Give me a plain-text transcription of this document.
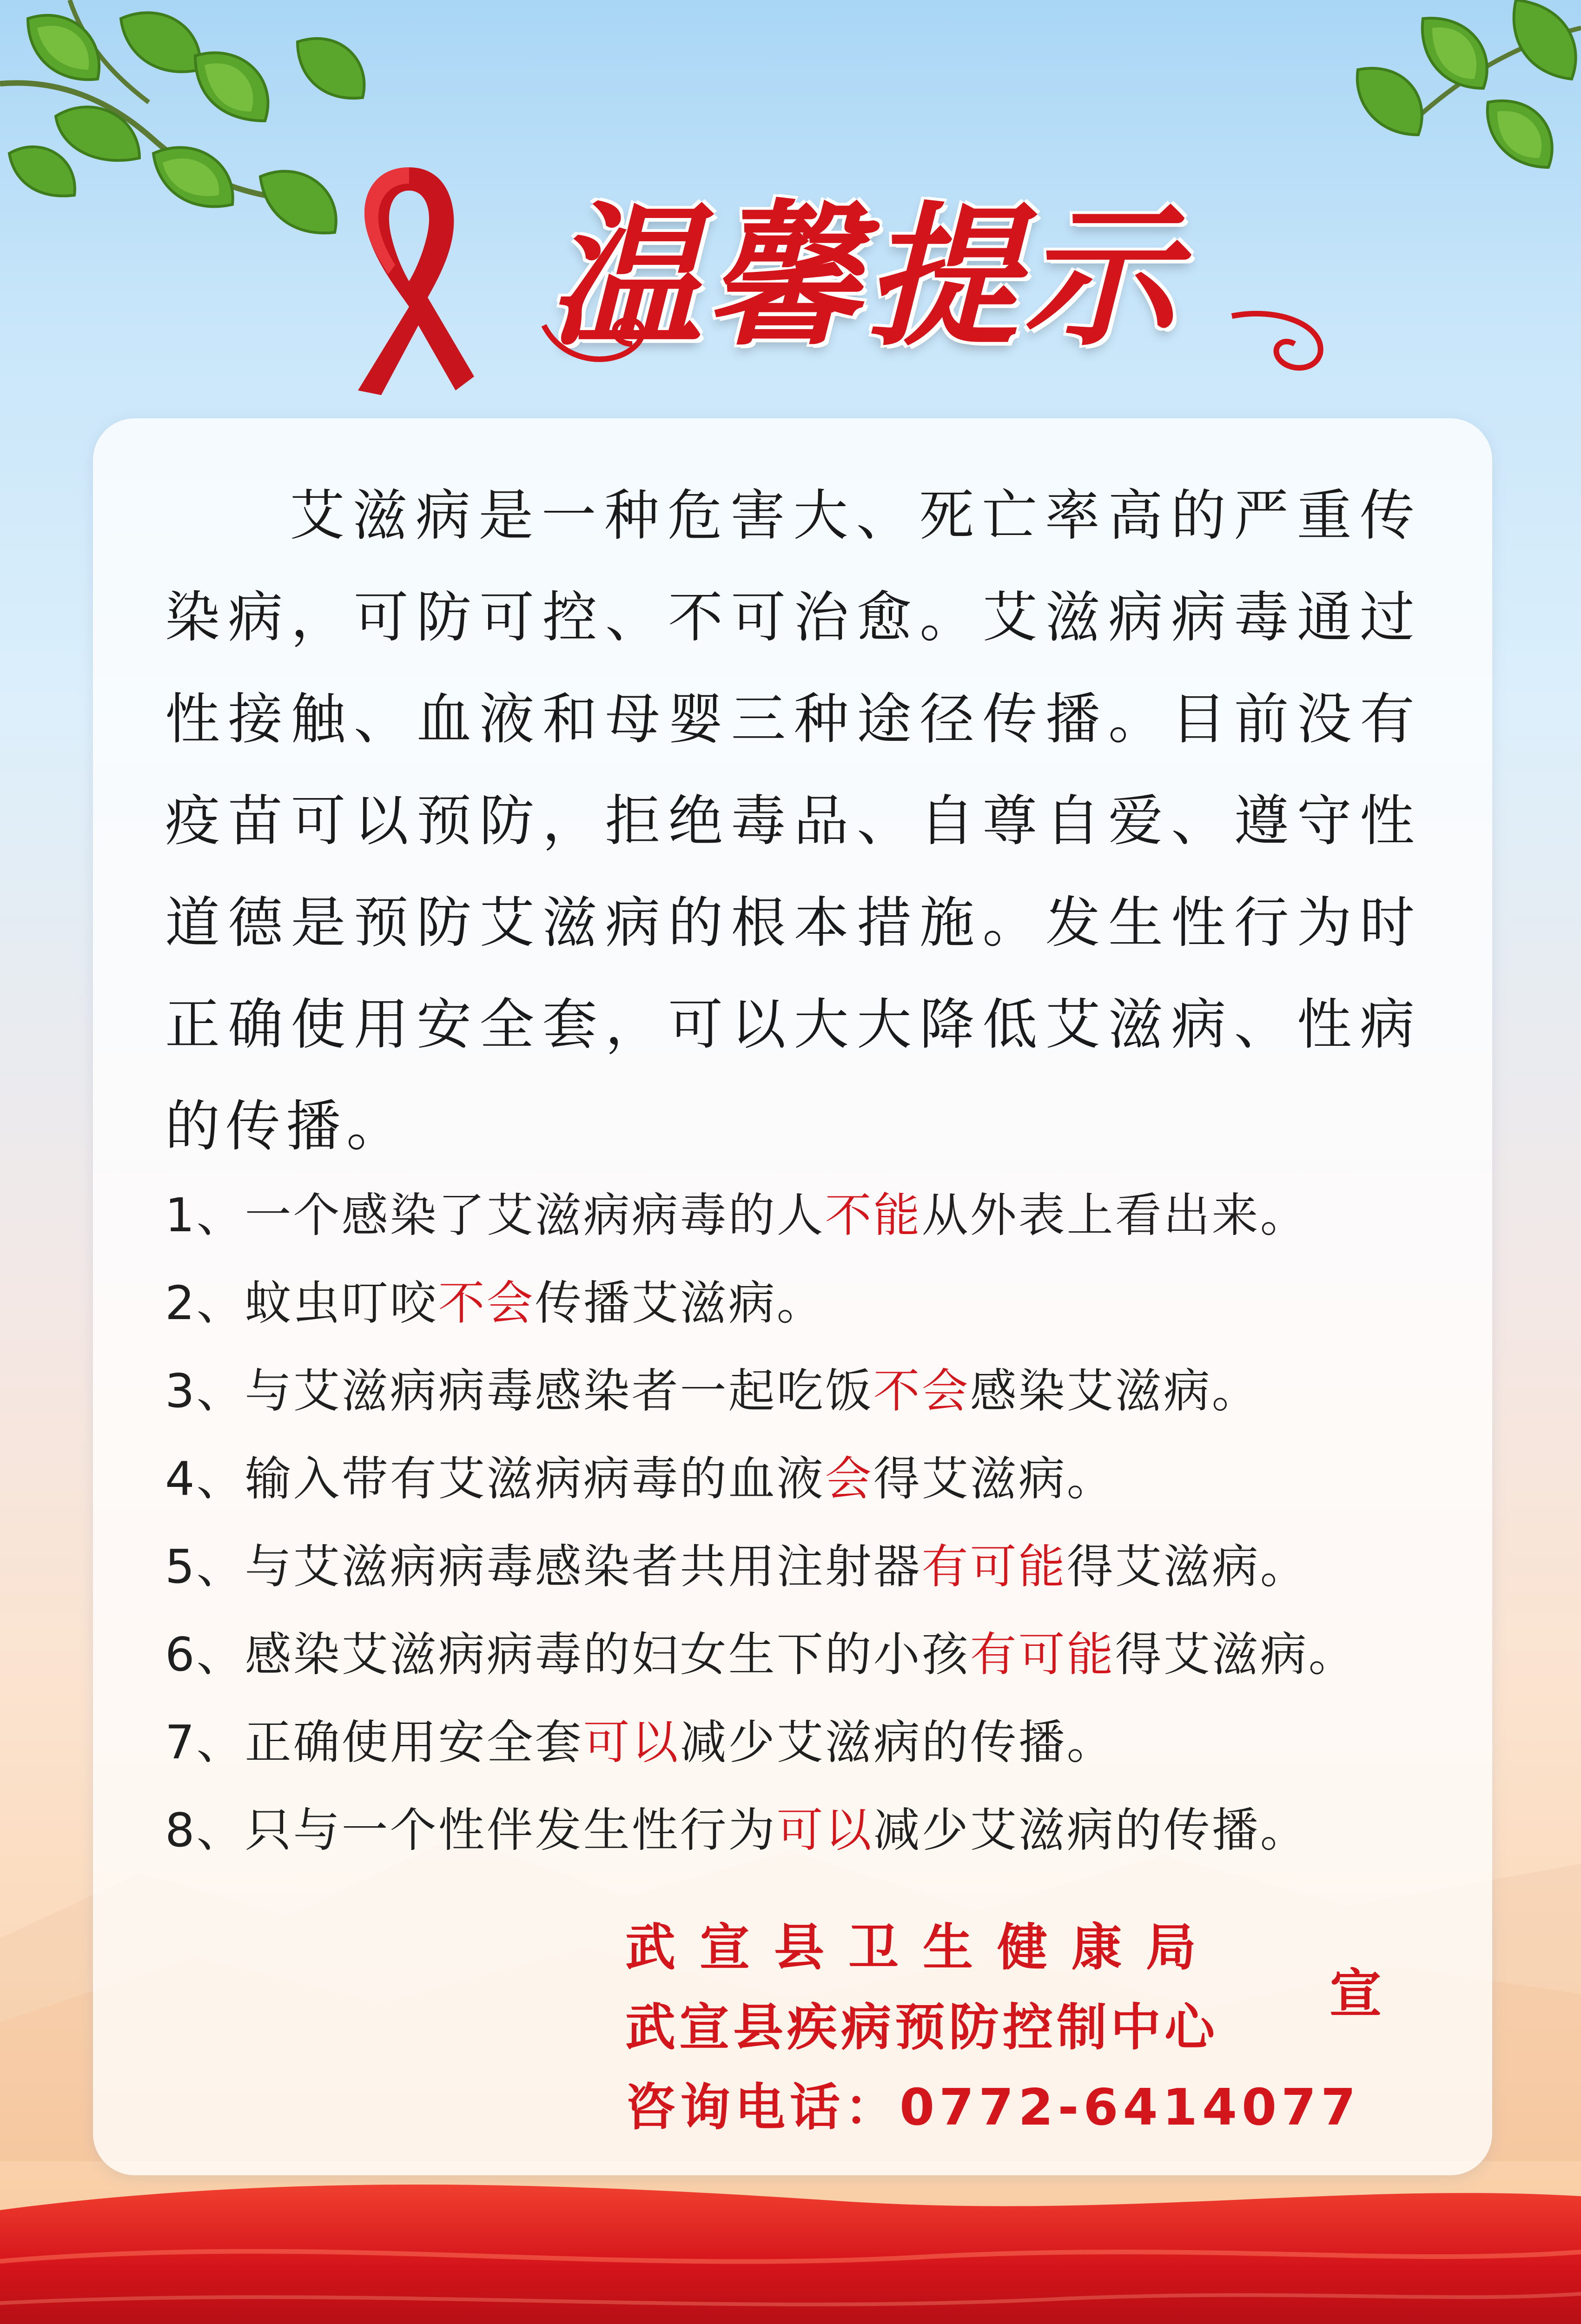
温馨提示

艾滋病是一种危害大、死亡率高的严重传染病，可防可控、不可治愈。艾滋病病毒通过性接触、血液和母婴三种途径传播。目前没有疫苗可以预防，拒绝毒品、自尊自爱、遵守性道德是预防艾滋病的根本措施。发生性行为时正确使用安全套，可以大大降低艾滋病、性病的传播。

1、一个感染了艾滋病病毒的人不能从外表上看出来。
2、蚊虫叮咬不会传播艾滋病。
3、与艾滋病病毒感染者一起吃饭不会感染艾滋病。
4、输入带有艾滋病病毒的血液会得艾滋病。
5、与艾滋病病毒感染者共用注射器有可能得艾滋病。
6、感染艾滋病病毒的妇女生下的小孩有可能得艾滋病。
7、正确使用安全套可以减少艾滋病的传播。
8、只与一个性伴发生性行为可以减少艾滋病的传播。
武宣县卫生健康局
武宣县疾病预防控制中心
咨询电话：0772-6414077
宣
